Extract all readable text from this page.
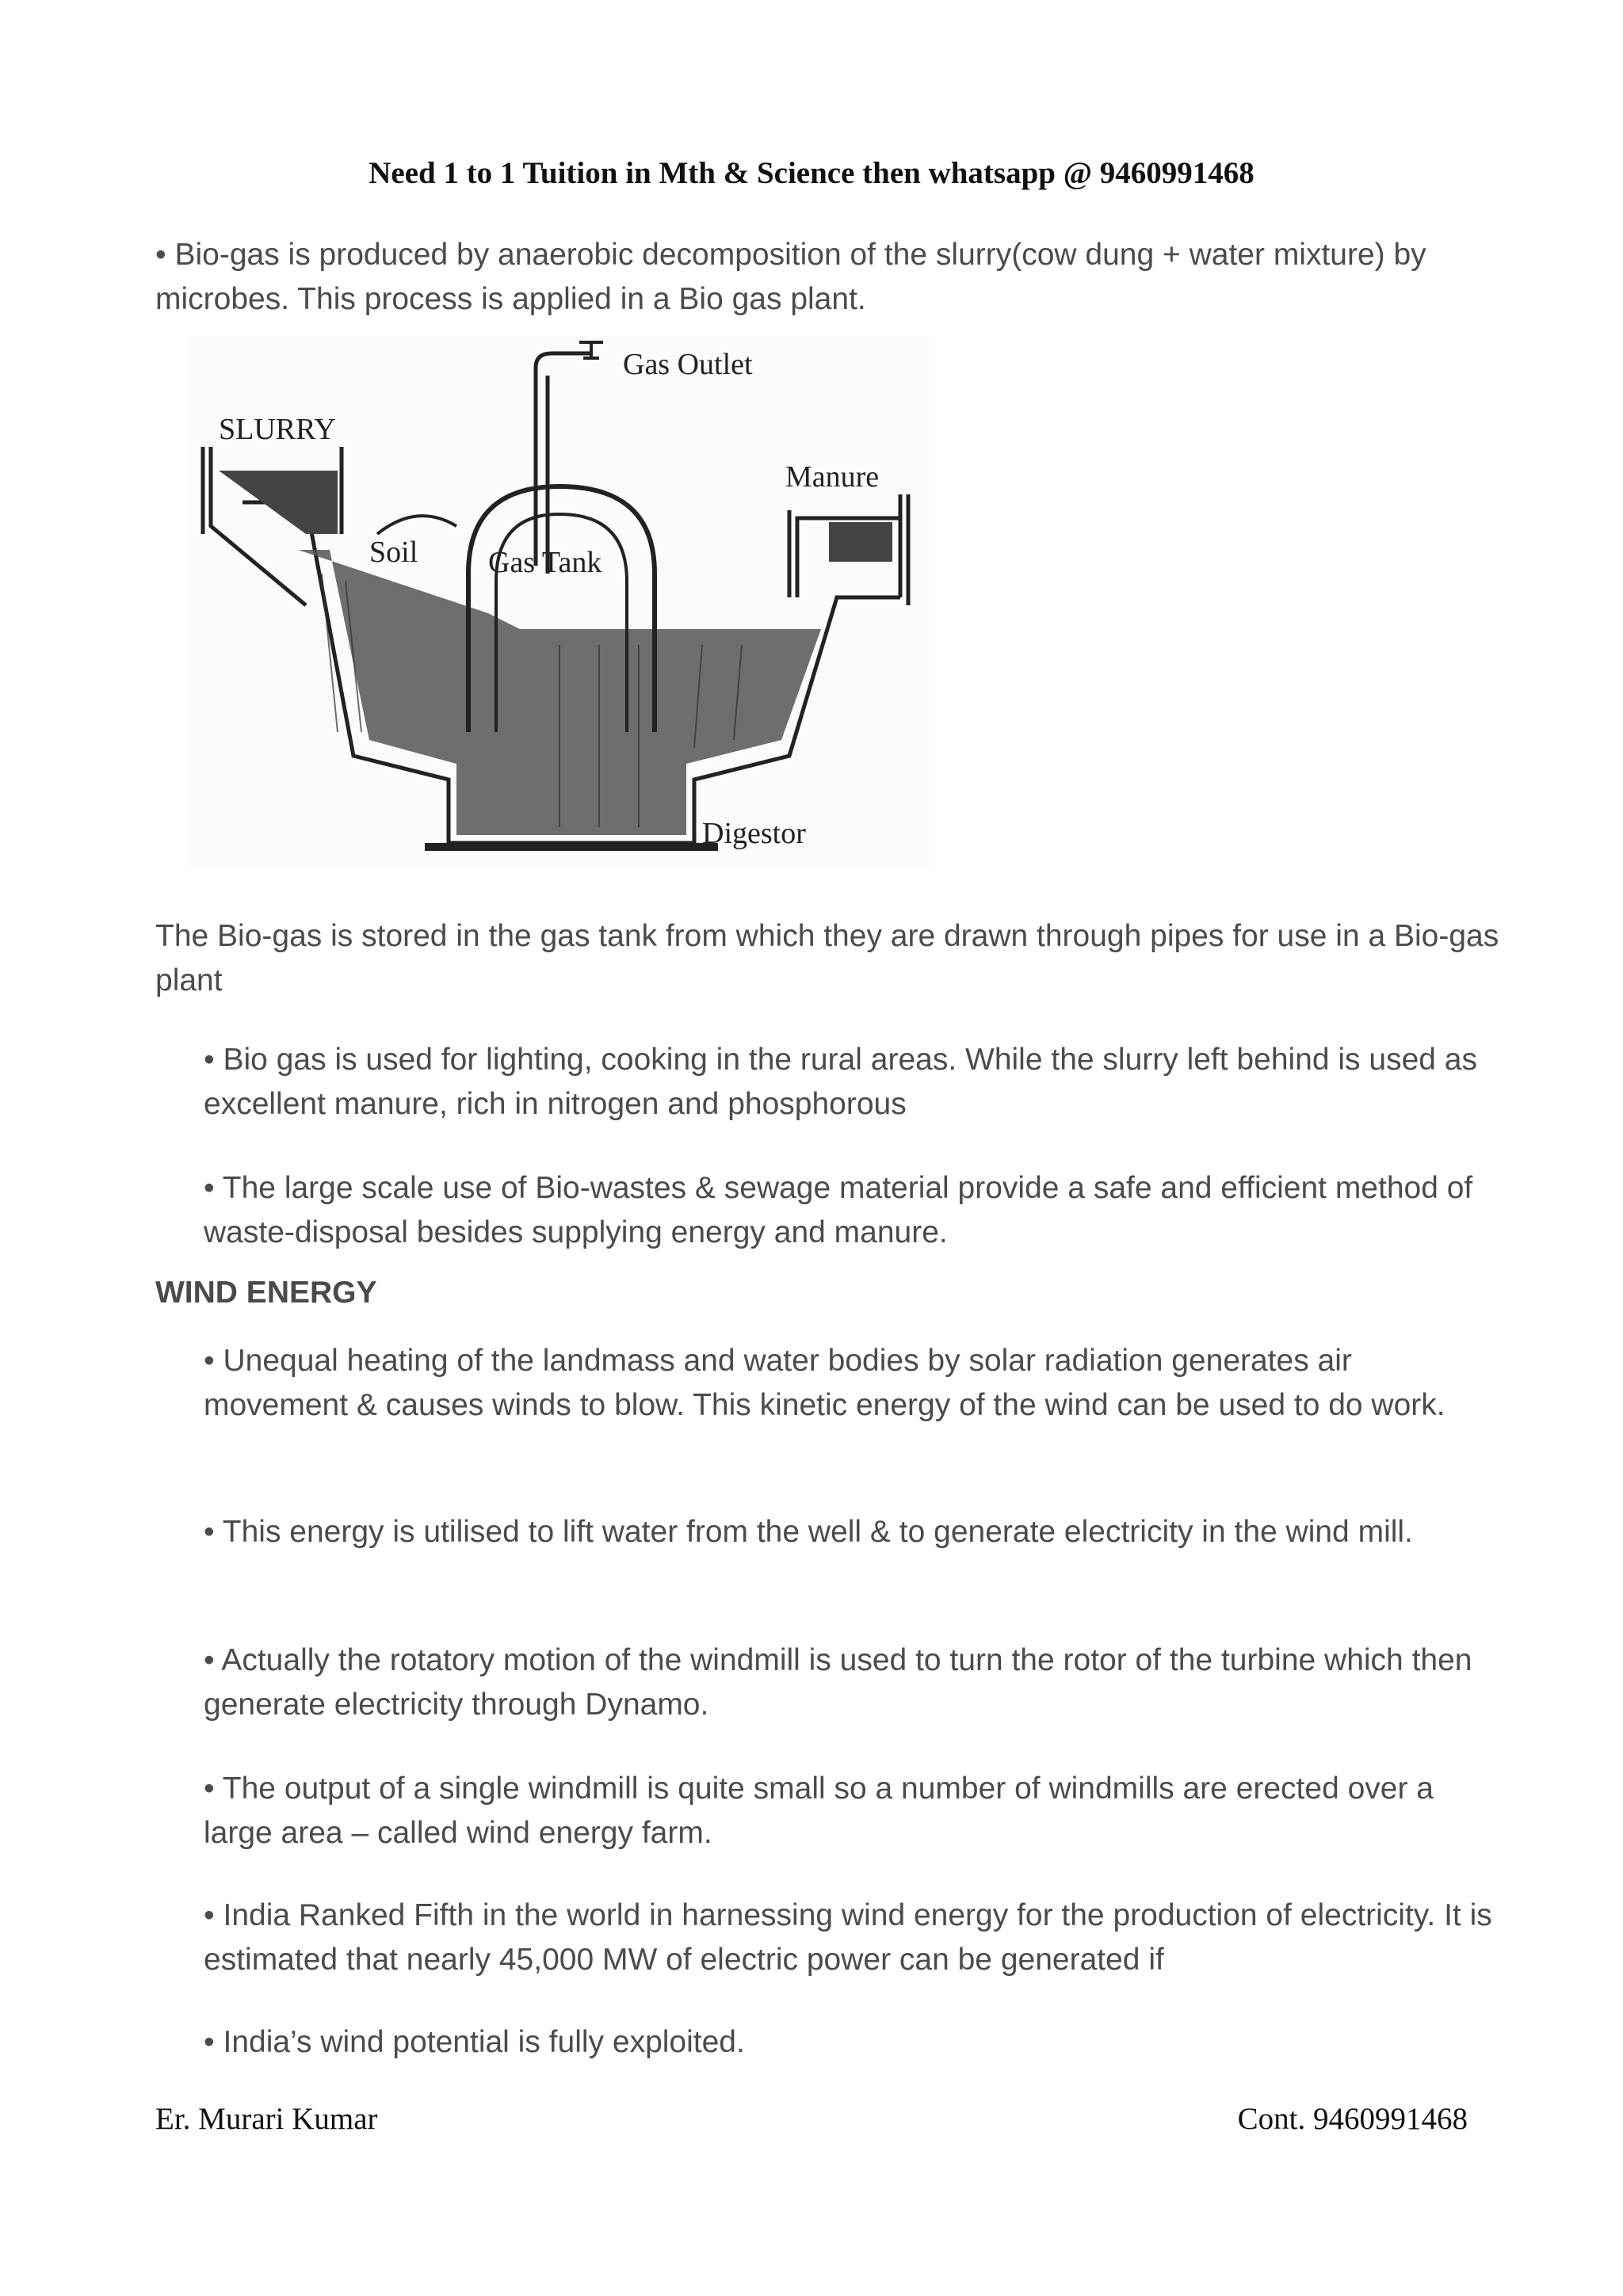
Need 1 to 1 Tuition in Mth & Science then whatsapp @ 9460991468

• Bio-gas is produced by anaerobic decomposition of the slurry(cow dung + water mixture) by microbes. This process is applied in a Bio gas plant.

Gas Outlet
SLURRY
Manure
Soil Gas Tank
Digestor

The Bio-gas is stored in the gas tank from which they are drawn through pipes for use in a Bio-gas plant

• Bio gas is used for lighting, cooking in the rural areas. While the slurry left behind is used as excellent manure, rich in nitrogen and phosphorous

• The large scale use of Bio-wastes & sewage material provide a safe and efficient method of waste-disposal besides supplying energy and manure.

WIND ENERGY

• Unequal heating of the landmass and water bodies by solar radiation generates air movement & causes winds to blow. This kinetic energy of the wind can be used to do work.

• This energy is utilised to lift water from the well & to generate electricity in the wind mill.

• Actually the rotatory motion of the windmill is used to turn the rotor of the turbine which then generate electricity through Dynamo.

• The output of a single windmill is quite small so a number of windmills are erected over a large area – called wind energy farm.

• India Ranked Fifth in the world in harnessing wind energy for the production of electricity. It is estimated that nearly 45,000 MW of electric power can be generated if

• India’s wind potential is fully exploited.

Er. Murari Kumar	Cont. 9460991468
